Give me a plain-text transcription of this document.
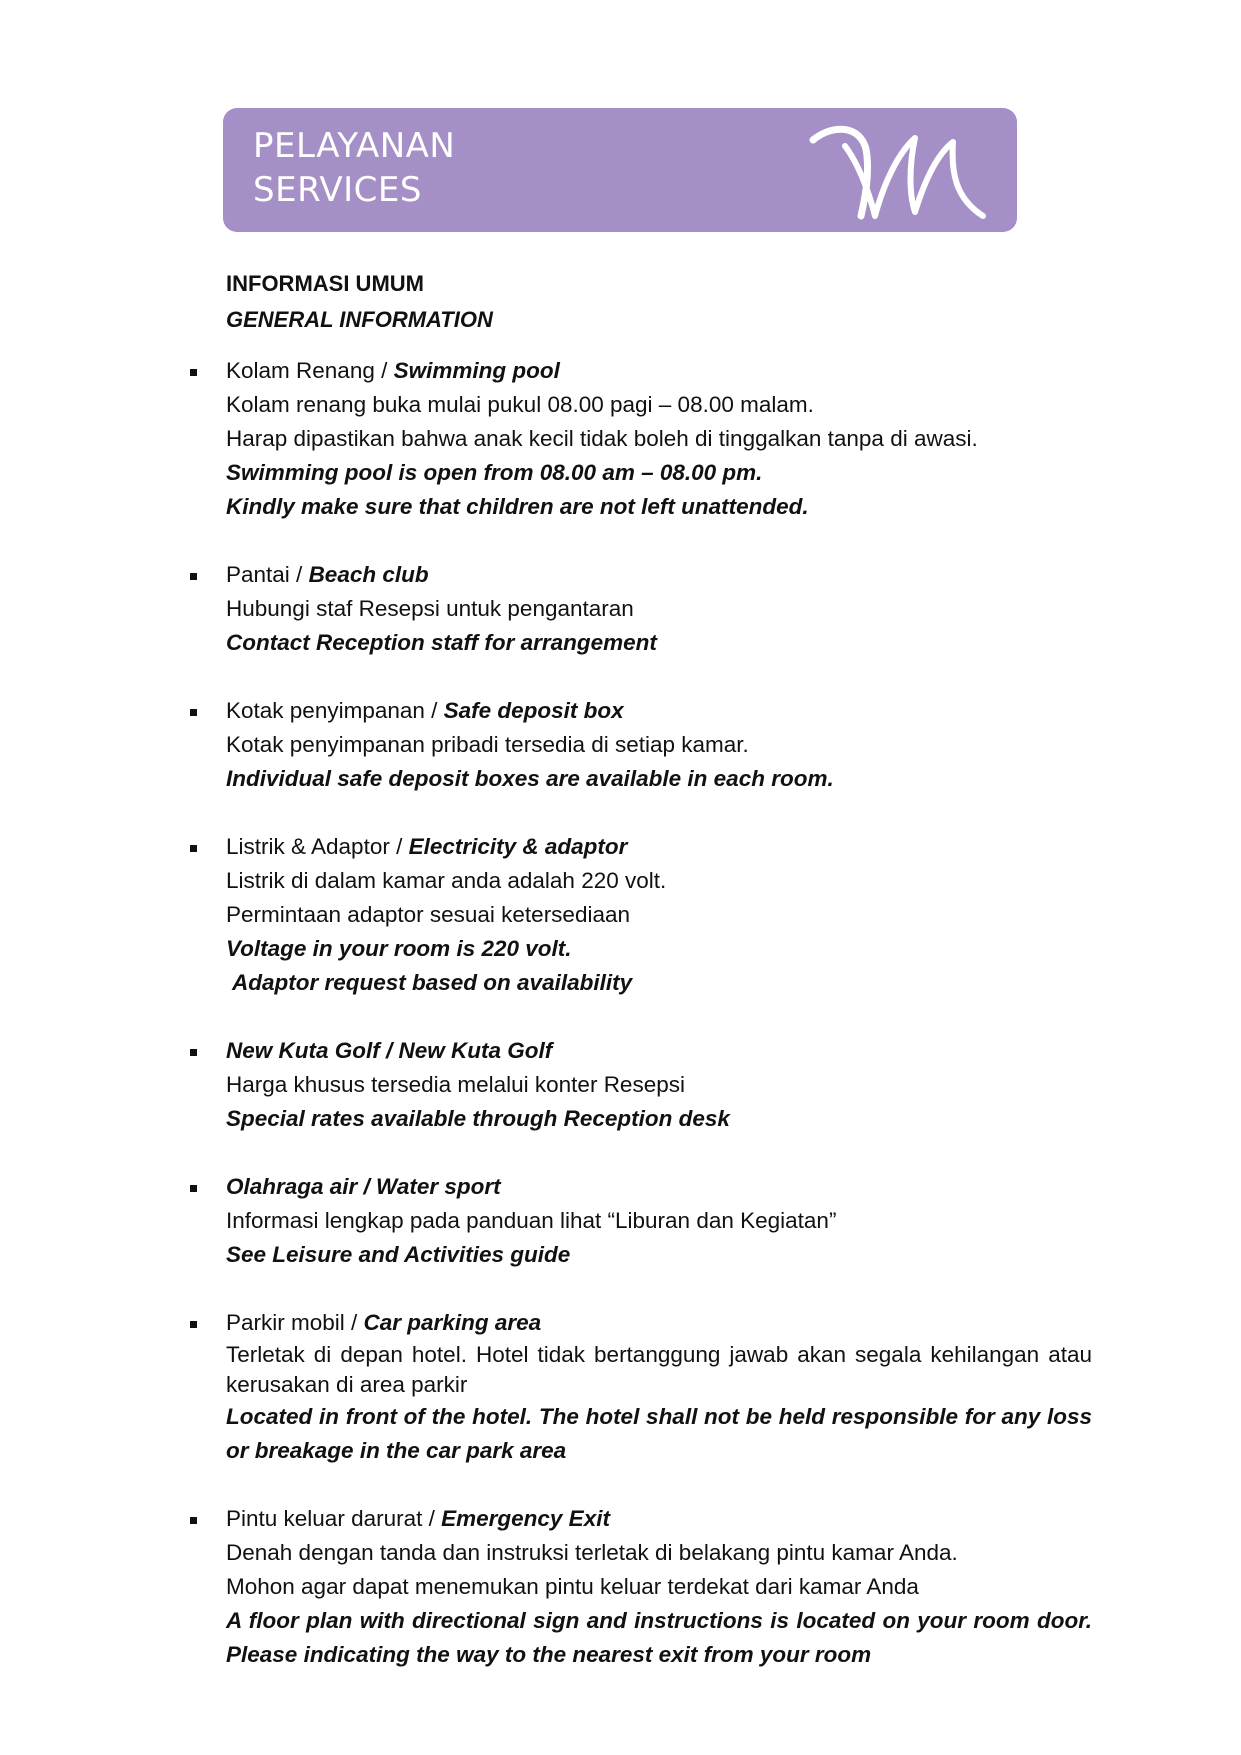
PELAYANAN
SERVICES
INFORMASI UMUM
GENERAL INFORMATION
Kolam Renang / Swimming pool
Kolam renang buka mulai pukul 08.00 pagi – 08.00 malam.
Harap dipastikan bahwa anak kecil tidak boleh di tinggalkan tanpa di awasi.
Swimming pool is open from 08.00 am – 08.00 pm.
Kindly make sure that children are not left unattended.
Pantai / Beach club
Hubungi staf Resepsi untuk pengantaran
Contact Reception staff for arrangement
Kotak penyimpanan / Safe deposit box
Kotak penyimpanan pribadi tersedia di setiap kamar.
Individual safe deposit boxes are available in each room.
Listrik & Adaptor / Electricity & adaptor
Listrik di dalam kamar anda adalah 220 volt.
Permintaan adaptor sesuai ketersediaan
Voltage in your room is 220 volt.
Adaptor request based on availability
New Kuta Golf / New Kuta Golf
Harga khusus tersedia melalui konter Resepsi
Special rates available through Reception desk
Olahraga air / Water sport
Informasi lengkap pada panduan lihat “Liburan dan Kegiatan”
See Leisure and Activities guide
Parkir mobil / Car parking area
Terletak di depan hotel. Hotel tidak bertanggung jawab akan segala kehilangan atau kerusakan di area parkir
Located in front of the hotel. The hotel shall not be held responsible for any loss or breakage in the car park area
Pintu keluar darurat / Emergency Exit
Denah dengan tanda dan instruksi terletak di belakang pintu kamar Anda.
Mohon agar dapat menemukan pintu keluar terdekat dari kamar Anda
A floor plan with directional sign and instructions is located on your room door. Please indicating the way to the nearest exit from your room
